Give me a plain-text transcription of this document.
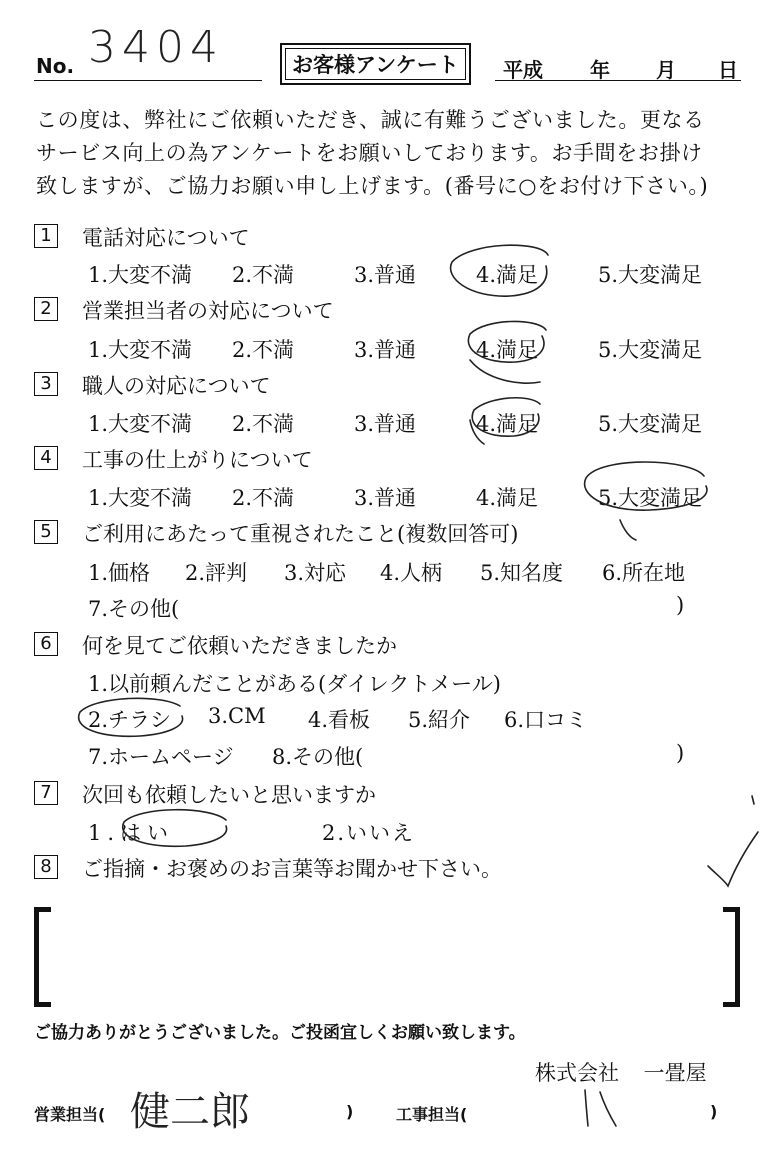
No. 3404	お客様アンケート	平成 年 月 日
この度は、弊社にご依頼いただき、誠に有難うございました。更なる
サービス向上の為アンケートをお願いしております。お手間をお掛け
致しますが、ご協力お願い申し上げます。(番号に○をお付け下さい。)
1 電話対応について
1.大変不満 2.不満	3.普通	4.満足	5.大変満足
2 営業担当者の対応について
1.大変不満 2.不満	3.普通	4.満足	5.大変満足
3 職人の対応について
1.大変不満 2.不満	3.普通	4.満足	5.大変満足
4 工事の仕上がりについて
1.大変不満 2.不満	3.普通	4.満足	5.大変満足
5 ご利用にあたって重視されたこと(複数回答可)
1.価格 2.評判 3.対応 4.人柄 5.知名度 6.所在地
7.その他(	)
6 何を見てご依頼いただきましたか
1.以前頼んだことがある(ダイレクトメール)
2.チラシ 3.CM 4.看板 5.紹介 6.口コミ
7.ホームページ 8.その他(	)
7 次回も依頼したいと思いますか
1.はい	2.いいえ
8 ご指摘・お褒めのお言葉等お聞かせ下さい。
ご協力ありがとうございました。ご投函宜しくお願い致します。
株式会社 一畳屋
営業担当( 健二郎	)	工事担当(	)
